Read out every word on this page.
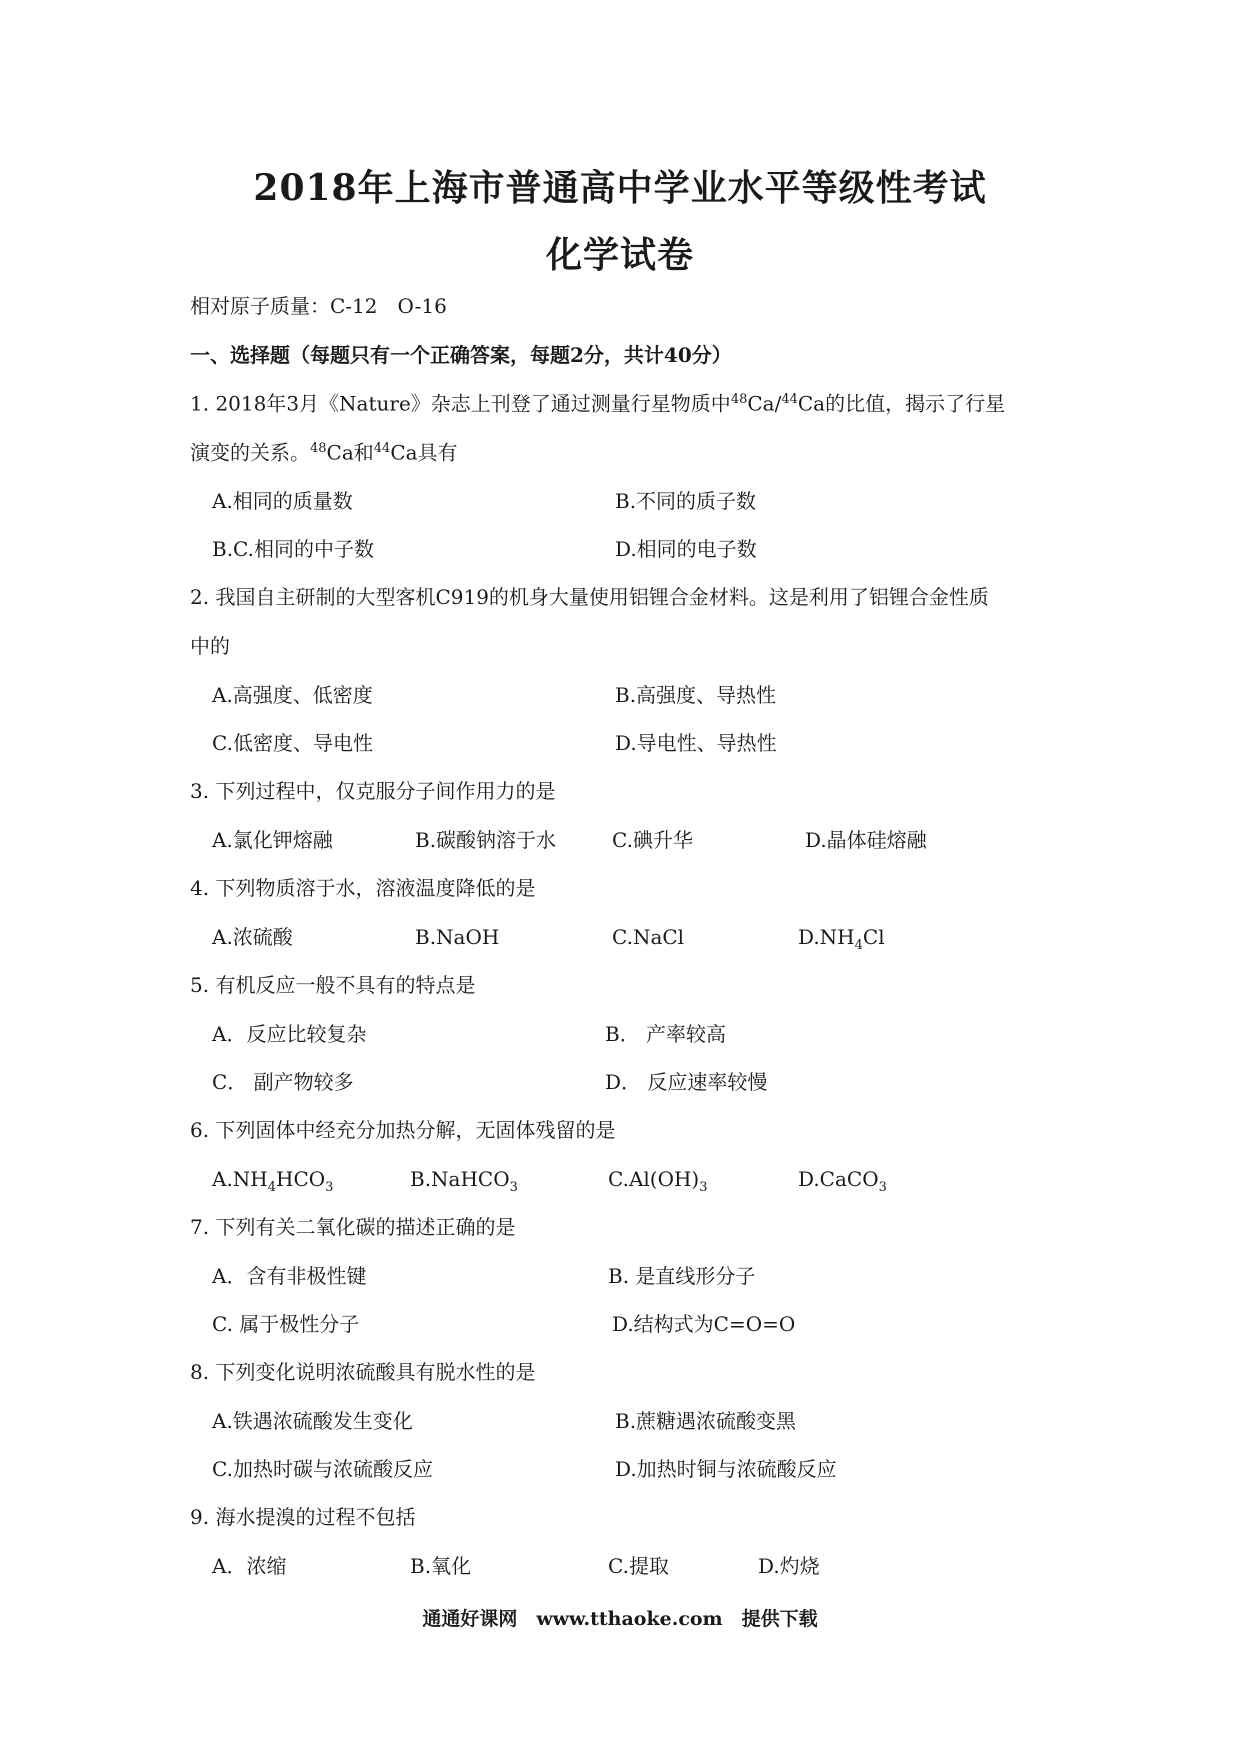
2018年上海市普通高中学业水平等级性考试
化学试卷
相对原子质量：C-12　O-16
一、选择题（每题只有一个正确答案，每题2分，共计40分）
1. 2018年3月《Nature》杂志上刊登了通过测量行星物质中$^{48}$Ca/$^{44}$Ca的比值，揭示了行星
演变的关系。$^{48}$Ca和$^{44}$Ca具有
A.相同的质量数	B.不同的质子数
B.C.相同的中子数	D.相同的电子数
2. 我国自主研制的大型客机C919的机身大量使用铝锂合金材料。这是利用了铝锂合金性质
中的
A.高强度、低密度	B.高强度、导热性
C.低密度、导电性	D.导电性、导热性
3. 下列过程中，仅克服分子间作用力的是
A.氯化钾熔融	B.碳酸钠溶于水	C.碘升华	D.晶体硅熔融
4. 下列物质溶于水，溶液温度降低的是
A.浓硫酸	B.NaOH	C.NaCl	$D.NH_4Cl$
5. 有机反应一般不具有的特点是
A．反应比较复杂	B． 产率较高
C． 副产物较多	D． 反应速率较慢
6. 下列固体中经充分加热分解，无固体残留的是
$A.NH_4HCO_3$	B.NaHCO$_3$	$C.Al(OH)_3$	D.CaCO$_3$
7. 下列有关二氧化碳的描述正确的是
A．含有非极性键	B. 是直线形分子
C. 属于极性分子	D.结构式为C=O=O
8. 下列变化说明浓硫酸具有脱水性的是
A.铁遇浓硫酸发生变化	B.蔗糖遇浓硫酸变黑
C.加热时碳与浓硫酸反应	D.加热时铜与浓硫酸反应
9. 海水提溴的过程不包括
A．浓缩	B.氧化	C.提取	D.灼烧
通通好课网　www.tthaoke.com　提供下载
